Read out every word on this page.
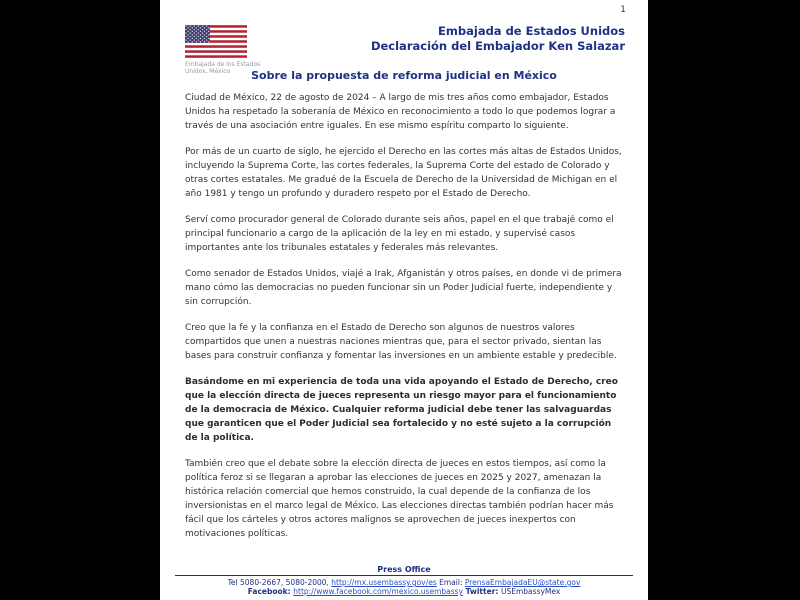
1
Embajada de los Estados
Unidos, México
Embajada de Estados Unidos
Declaración del Embajador Ken Salazar
Sobre la propuesta de reforma judicial en México

Ciudad de México, 22 de agosto de 2024 – A largo de mis tres años como embajador, Estados Unidos ha respetado la soberanía de México en reconocimiento a todo lo que podemos lograr a través de una asociación entre iguales. En ese mismo espíritu comparto lo siguiente.

Por más de un cuarto de siglo, he ejercido el Derecho en las cortes más altas de Estados Unidos, incluyendo la Suprema Corte, las cortes federales, la Suprema Corte del estado de Colorado y otras cortes estatales. Me gradué de la Escuela de Derecho de la Universidad de Michigan en el año 1981 y tengo un profundo y duradero respeto por el Estado de Derecho.

Serví como procurador general de Colorado durante seis años, papel en el que trabajé como el principal funcionario a cargo de la aplicación de la ley en mi estado, y supervisé casos importantes ante los tribunales estatales y federales más relevantes.

Como senador de Estados Unidos, viajé a Irak, Afganistán y otros países, en donde vi de primera mano cómo las democracias no pueden funcionar sin un Poder Judicial fuerte, independiente y sin corrupción.

Creo que la fe y la confianza en el Estado de Derecho son algunos de nuestros valores compartidos que unen a nuestras naciones mientras que, para el sector privado, sientan las bases para construir confianza y fomentar las inversiones en un ambiente estable y predecible.

Basándome en mi experiencia de toda una vida apoyando el Estado de Derecho, creo que la elección directa de jueces representa un riesgo mayor para el funcionamiento de la democracia de México. Cualquier reforma judicial debe tener las salvaguardas que garanticen que el Poder Judicial sea fortalecido y no esté sujeto a la corrupción de la política.

También creo que el debate sobre la elección directa de jueces en estos tiempos, así como la política feroz si se llegaran a aprobar las elecciones de jueces en 2025 y 2027, amenazan la histórica relación comercial que hemos construido, la cual depende de la confianza de los inversionistas en el marco legal de México. Las elecciones directas también podrían hacer más fácil que los cárteles y otros actores malignos se aprovechen de jueces inexpertos con motivaciones políticas.

Press Office
Tel 5080-2667, 5080-2000, http://mx.usembassy.gov/es Email: PrensaEmbajadaEU@state.gov
Facebook: http://www.facebook.com/mexico.usembassy Twitter: USEmbassyMex
